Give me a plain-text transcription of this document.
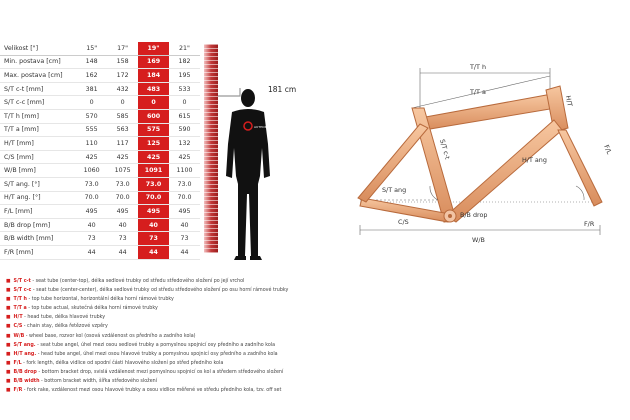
Velikost ["]	15"	17"	19"	21"
Min. postava [cm]	148	158	169	182
Max. postava [cm]	162	172	184	195
S/T c-t [mm]	381	432	483	533
S/T c-c [mm]	0	0	0	0
T/T h [mm]	570	585	600	615
T/T a [mm]	555	563	575	590
H/T [mm]	110	117	125	132
C/S [mm]	425	425	425	425
W/B [mm]	1060	1075	1091	1100
S/T ang. [°]	73.0	73.0	73.0	73.0
H/T ang. [°]	70.0	70.0	70.0	70.0
F/L [mm]	495	495	495	495
B/B drop [mm]	40	40	40	40
B/B width [mm]	73	73	73	73
F/R [mm]	44	44	44	44
AUTHOR
181 cm
T/T h
T/T a
H/T
S/T c-t	F/L
S/T ang
H/T ang
B/B drop
C/S
W/B
F/R
■ S/T c-t - seat tube (center-top), délka sedlové trubky od středu středového složení po její vrchol
■ S/T c-c - seat tube (center-center), délka sedlové trubky od středu středového složení po osu horní rámové trubky
■ T/T h - top tube horizontal, horizontální délka horní rámové trubky
■ T/T a - top tube actual, skutečná délka horní rámové trubky
■ H/T - head tube, délka hlavové trubky
■ C/S - chain stay, délka řetězové vzpěry
■ W/B - wheel base, rozvor kol (osová vzdálenost os předního a zadního kola)
■ S/T ang. - seat tube angel, úhel mezi osou sedlové trubky a pomyslnou spojnicí osy předního a zadního kola
■ H/T ang. - head tube angel, úhel mezi osou hlavové trubky a pomyslnou spojnicí osy předního a zadního kola
■ F/L - fork length, délka vidlice od spodní části hlavového složení po střed předního kola
■ B/B drop - bottom bracket drop, svislá vzdálenost mezi pomyslnou spojnicí os kol a středem středového složení
■ B/B width - bottom bracket width, šířka středového složení
■ F/R - fork rake, vzdálenost mezi osou hlavové trubky a osou vidlice měřené ve středu předního kola, tzv. off set
